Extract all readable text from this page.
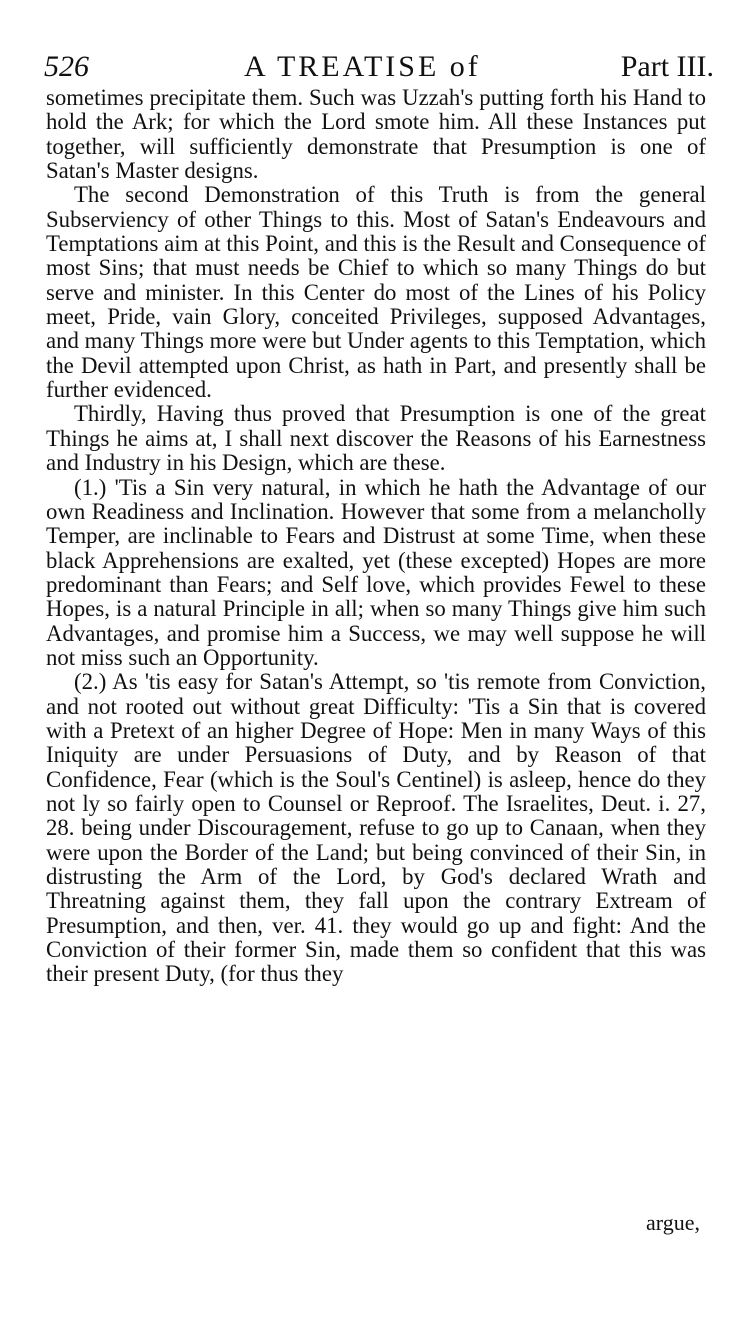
526	A TREATISE of	Part III.

sometimes precipitate them. Such was Uzzah's putting forth his Hand to hold the Ark; for which the Lord smote him. All these Instances put together, will sufficiently demonstrate that Presumption is one of Satan's Master designs.

The second Demonstration of this Truth is from the general Subserviency of other Things to this. Most of Satan's Endeavours and Temptations aim at this Point, and this is the Result and Consequence of most Sins; that must needs be Chief to which so many Things do but serve and minister. In this Center do most of the Lines of his Policy meet, Pride, vain Glory, conceited Privileges, supposed Advantages, and many Things more were but Under agents to this Temptation, which the Devil attempted upon Christ, as hath in Part, and presently shall be further evidenced.

Thirdly, Having thus proved that Presumption is one of the great Things he aims at, I shall next discover the Reasons of his Earnestness and Industry in his Design, which are these.

(1.) 'Tis a Sin very natural, in which he hath the Advantage of our own Readiness and Inclination. However that some from a melancholly Temper, are inclinable to Fears and Distrust at some Time, when these black Apprehensions are exalted, yet (these excepted) Hopes are more predominant than Fears; and Self love, which provides Fewel to these Hopes, is a natural Principle in all; when so many Things give him such Advantages, and promise him a Success, we may well suppose he will not miss such an Opportunity.

(2.) As 'tis easy for Satan's Attempt, so 'tis remote from Conviction, and not rooted out without great Difficulty: 'Tis a Sin that is covered with a Pretext of an higher Degree of Hope: Men in many Ways of this Iniquity are under Persuasions of Duty, and by Reason of that Confidence, Fear (which is the Soul's Centinel) is asleep, hence do they not ly so fairly open to Counsel or Reproof. The Israelites, Deut. i. 27, 28. being under Discouragement, refuse to go up to Canaan, when they were upon the Border of the Land; but being convinced of their Sin, in distrusting the Arm of the Lord, by God's declared Wrath and Threatning against them, they fall upon the contrary Extream of Presumption, and then, ver. 41. they would go up and fight: And the Conviction of their former Sin, made them so confident that this was their present Duty, (for thus they

argue,
